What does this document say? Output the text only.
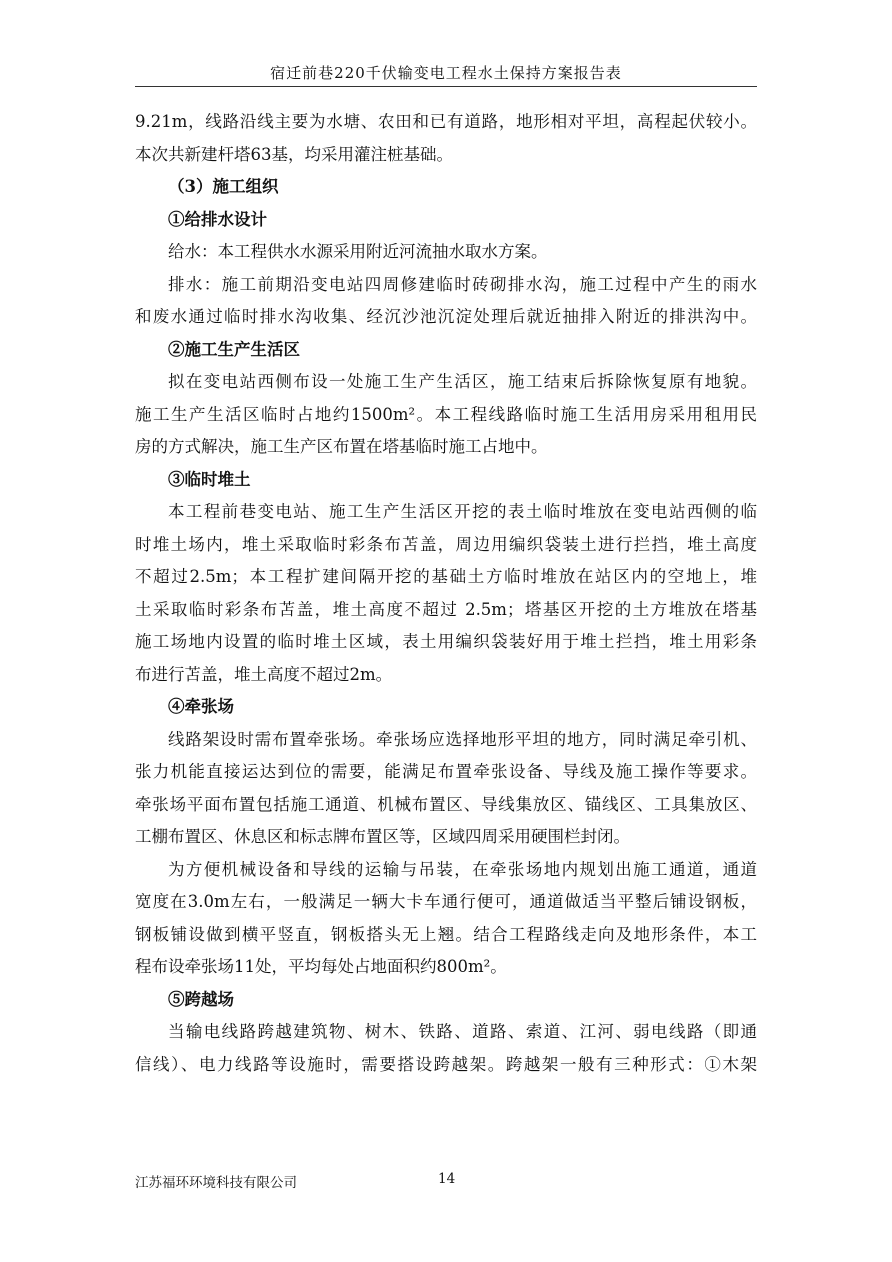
宿迁前巷220千伏输变电工程水土保持方案报告表
9.21m，线路沿线主要为水塘、农田和已有道路，地形相对平坦，高程起伏较小。
本次共新建杆塔63基，均采用灌注桩基础。
（3）施工组织
①给排水设计
给水：本工程供水水源采用附近河流抽水取水方案。
排水：施工前期沿变电站四周修建临时砖砌排水沟，施工过程中产生的雨水
和废水通过临时排水沟收集、经沉沙池沉淀处理后就近抽排入附近的排洪沟中。
②施工生产生活区
拟在变电站西侧布设一处施工生产生活区，施工结束后拆除恢复原有地貌。
施工生产生活区临时占地约1500m²。本工程线路临时施工生活用房采用租用民
房的方式解决，施工生产区布置在塔基临时施工占地中。
③临时堆土
本工程前巷变电站、施工生产生活区开挖的表土临时堆放在变电站西侧的临
时堆土场内，堆土采取临时彩条布苫盖，周边用编织袋装土进行拦挡，堆土高度
不超过2.5m；本工程扩建间隔开挖的基础土方临时堆放在站区内的空地上，堆
土采取临时彩条布苫盖，堆土高度不超过 2.5m；塔基区开挖的土方堆放在塔基
施工场地内设置的临时堆土区域，表土用编织袋装好用于堆土拦挡，堆土用彩条
布进行苫盖，堆土高度不超过2m。
④牵张场
线路架设时需布置牵张场。牵张场应选择地形平坦的地方，同时满足牵引机、
张力机能直接运达到位的需要，能满足布置牵张设备、导线及施工操作等要求。
牵张场平面布置包括施工通道、机械布置区、导线集放区、锚线区、工具集放区、
工棚布置区、休息区和标志牌布置区等，区域四周采用硬围栏封闭。
为方便机械设备和导线的运输与吊装，在牵张场地内规划出施工通道，通道
宽度在3.0m左右，一般满足一辆大卡车通行便可，通道做适当平整后铺设钢板，
钢板铺设做到横平竖直，钢板搭头无上翘。结合工程路线走向及地形条件，本工
程布设牵张场11处，平均每处占地面积约800m²。
⑤跨越场
当输电线路跨越建筑物、树木、铁路、道路、索道、江河、弱电线路（即通
信线）、电力线路等设施时，需要搭设跨越架。跨越架一般有三种形式：①木架
江苏福环环境科技有限公司	14
